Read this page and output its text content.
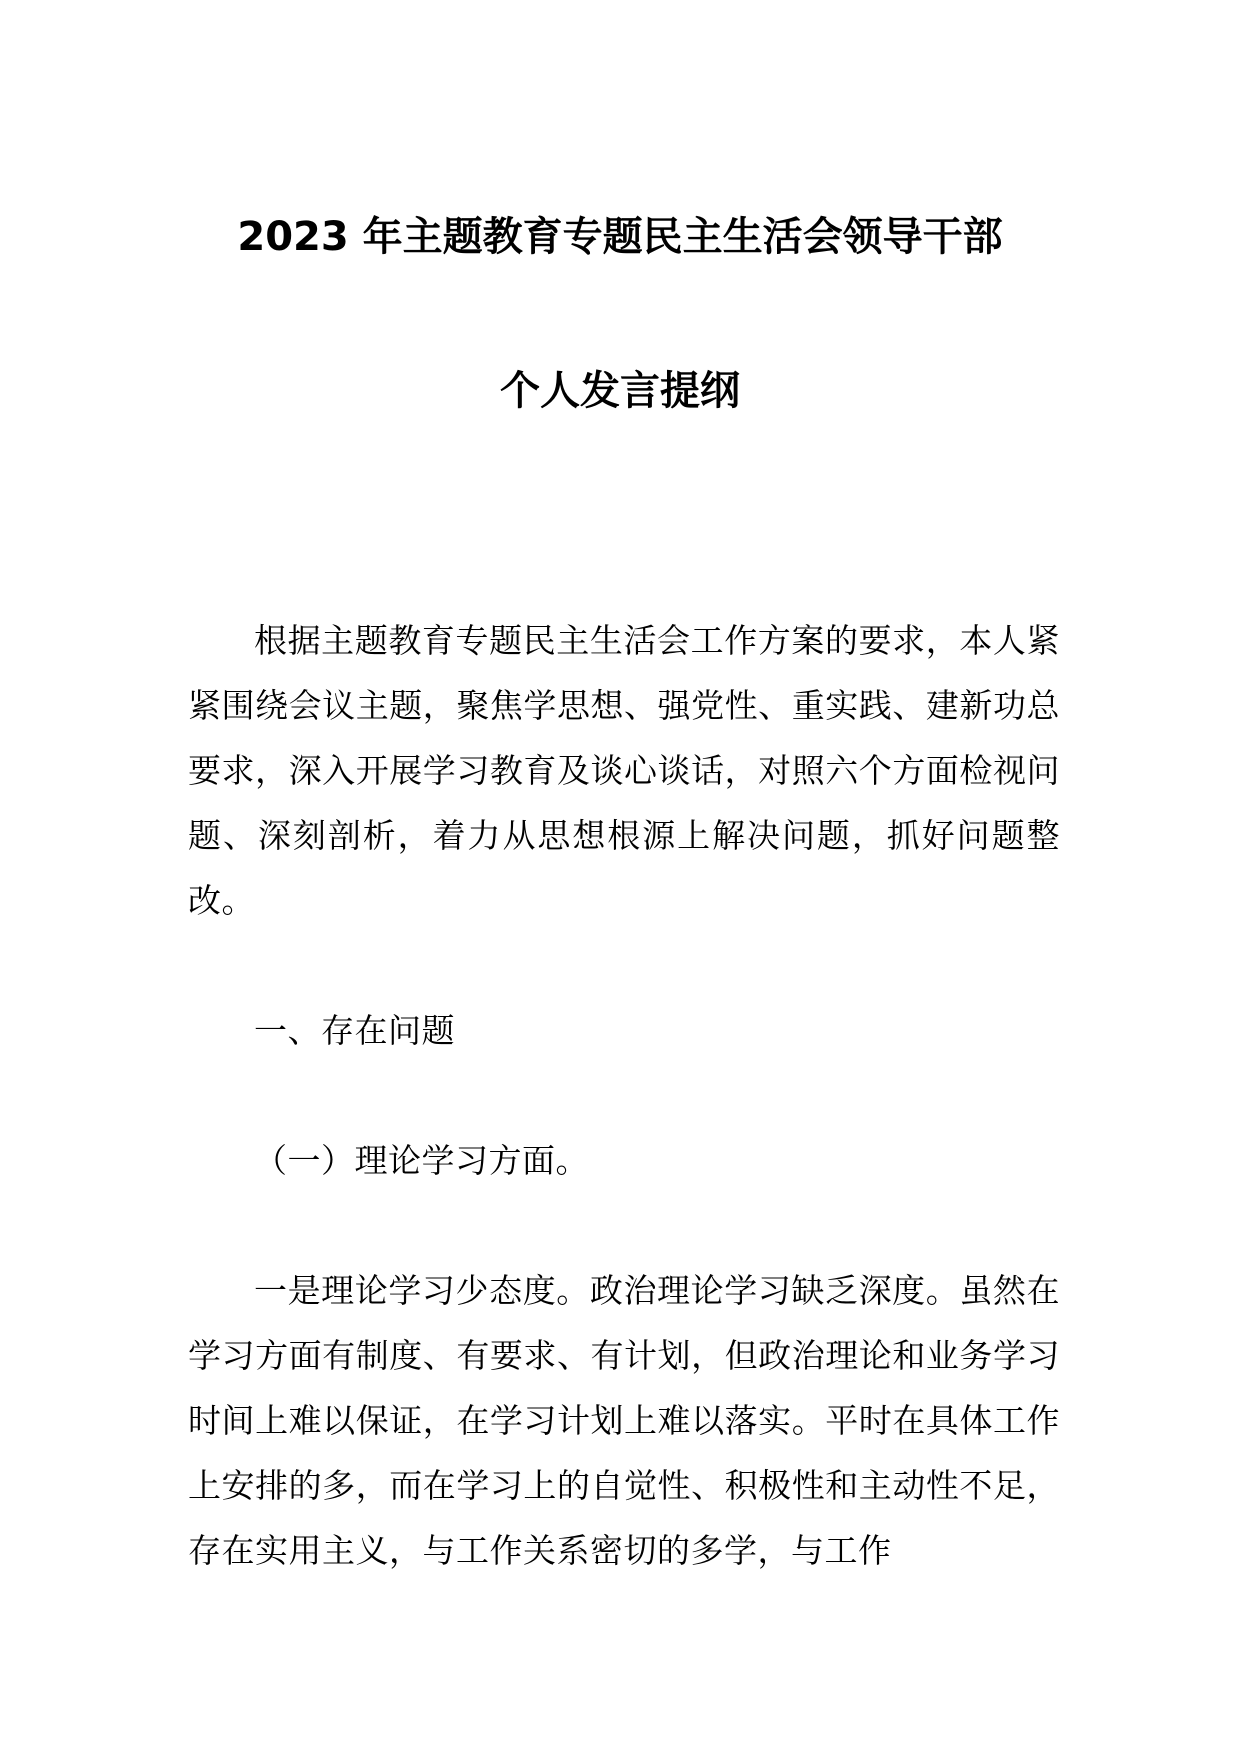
2023 年主题教育专题民主生活会领导干部
个人发言提纲
根据主题教育专题民主生活会工作方案的要求，本人紧紧围绕会议主题，聚焦学思想、强党性、重实践、建新功总要求，深入开展学习教育及谈心谈话，对照六个方面检视问题、深刻剖析，着力从思想根源上解决问题，抓好问题整改。
一、存在问题
（一）理论学习方面。
一是理论学习少态度。政治理论学习缺乏深度。虽然在学习方面有制度、有要求、有计划，但政治理论和业务学习时间上难以保证，在学习计划上难以落实。平时在具体工作上安排的多，而在学习上的自觉性、积极性和主动性不足，存在实用主义，与工作关系密切的多学，与工作
